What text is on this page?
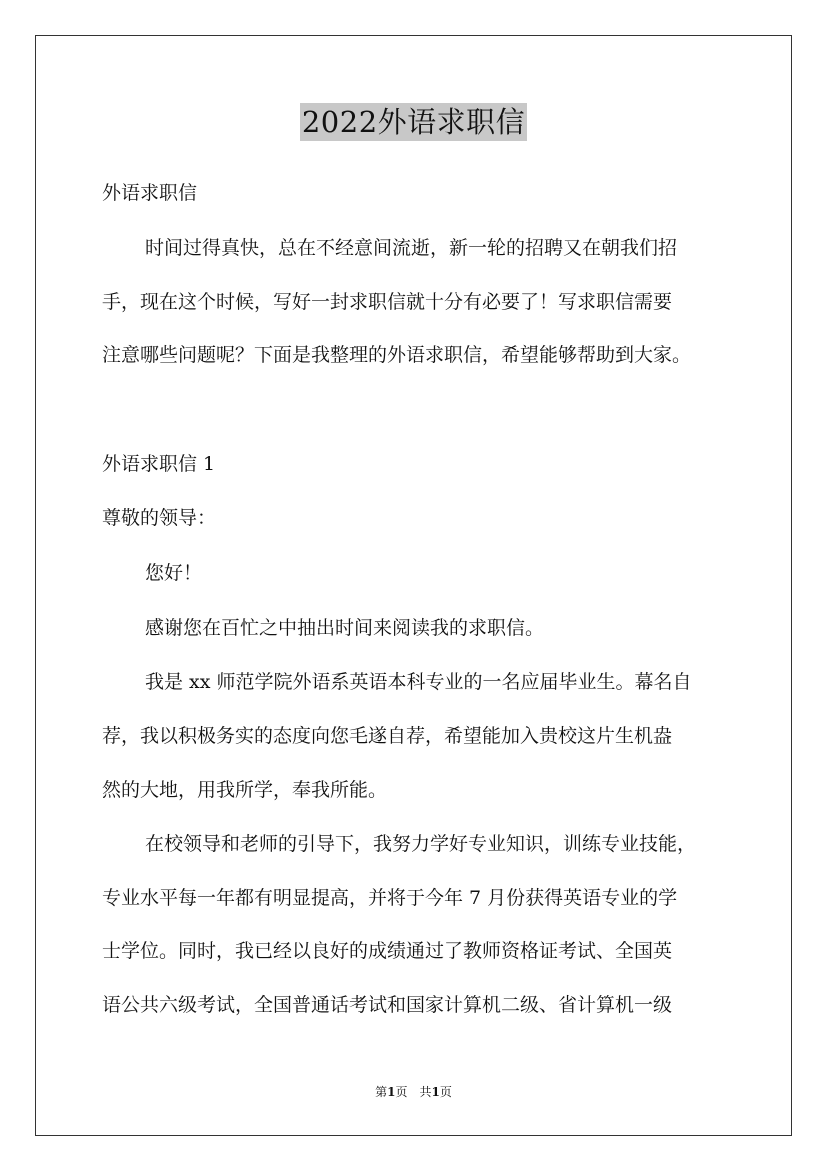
2022外语求职信
外语求职信
时间过得真快，总在不经意间流逝，新一轮的招聘又在朝我们招
手，现在这个时候，写好一封求职信就十分有必要了！写求职信需要
注意哪些问题呢？下面是我整理的外语求职信，希望能够帮助到大家。
外语求职信 1
尊敬的领导：
您好！
感谢您在百忙之中抽出时间来阅读我的求职信。
我是 xx 师范学院外语系英语本科专业的一名应届毕业生。幕名自
荐，我以积极务实的态度向您毛遂自荐，希望能加入贵校这片生机盎
然的大地，用我所学，奉我所能。
在校领导和老师的引导下，我努力学好专业知识，训练专业技能，
专业水平每一年都有明显提高，并将于今年 7 月份获得英语专业的学
士学位。同时，我已经以良好的成绩通过了教师资格证考试、全国英
语公共六级考试，全国普通话考试和国家计算机二级、省计算机一级
第1页　共1页
